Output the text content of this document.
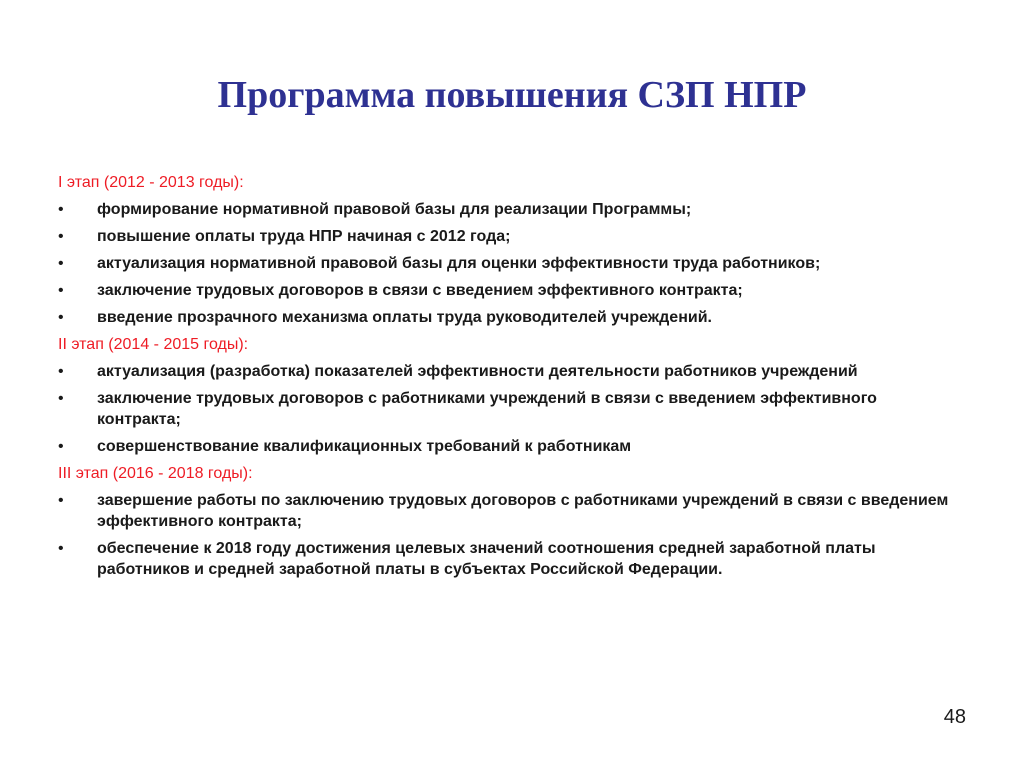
Программа повышения СЗП НПР
I этап (2012 - 2013 годы):
•	формирование нормативной правовой базы для реализации Программы;
•	повышение оплаты труда НПР начиная с 2012 года;
•	актуализация нормативной правовой базы для оценки эффективности труда работников;
•	заключение трудовых договоров в связи с введением эффективного контракта;
•	введение прозрачного механизма оплаты труда руководителей учреждений.
II этап (2014 - 2015 годы):
•	актуализация (разработка) показателей эффективности деятельности работников учреждений
•	заключение трудовых договоров с работниками учреждений в связи с введением эффективного контракта;
•	совершенствование квалификационных требований к работникам
III этап (2016 - 2018 годы):
•	завершение работы по заключению трудовых договоров с работниками учреждений в связи с введением эффективного контракта;
•	обеспечение к 2018 году достижения целевых значений соотношения средней заработной платы работников и средней заработной платы в субъектах Российской Федерации.
48
